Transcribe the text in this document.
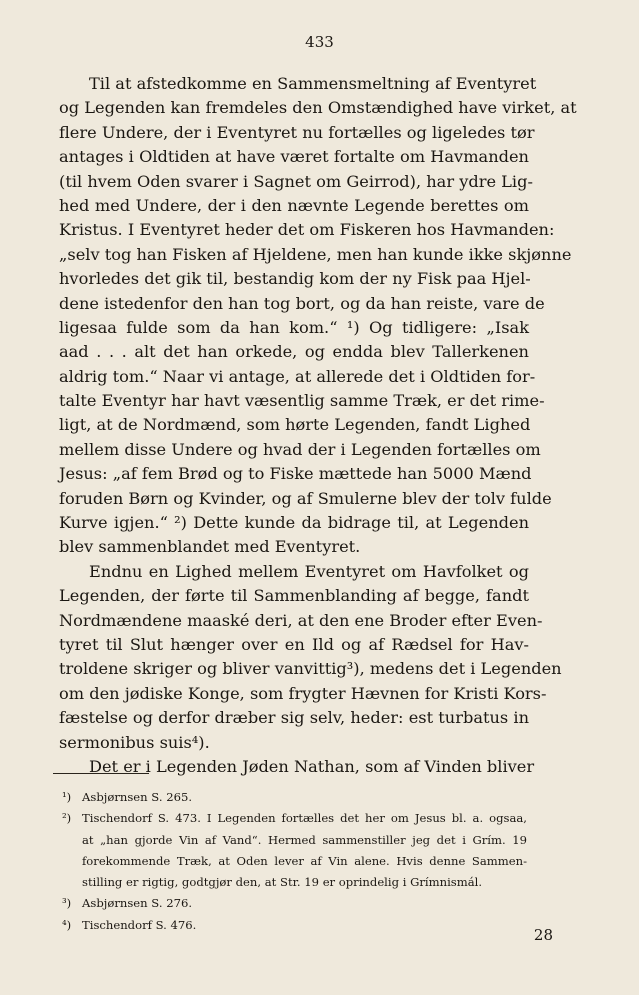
433
Til at afstedkomme en Sammensmeltning af Eventyret
og Legenden kan fremdeles den Omstændighed have virket, at
flere Undere, der i Eventyret nu fortælles og ligeledes tør
antages i Oldtiden at have været fortalte om Havmanden
(til hvem Oden svarer i Sagnet om Geirrod), har ydre Lig-
hed med Undere, der i den nævnte Legende berettes om
Kristus. I Eventyret heder det om Fiskeren hos Havmanden:
„selv tog han Fisken af Hjeldene, men han kunde ikke skjønne
hvorledes det gik til, bestandig kom der ny Fisk paa Hjel-
dene istedenfor den han tog bort, og da han reiste, vare de
ligesaa fulde som da han kom.“ ¹) Og tidligere: „Isak
aad . . . alt det han orkede, og endda blev Tallerkenen
aldrig tom.“ Naar vi antage, at allerede det i Oldtiden for-
talte Eventyr har havt væsentlig samme Træk, er det rime-
ligt, at de Nordmænd, som hørte Legenden, fandt Lighed
mellem disse Undere og hvad der i Legenden fortælles om
Jesus: „af fem Brød og to Fiske mættede han 5000 Mænd
foruden Børn og Kvinder, og af Smulerne blev der tolv fulde
Kurve igjen.“ ²) Dette kunde da bidrage til, at Legenden
blev sammenblandet med Eventyret.
Endnu en Lighed mellem Eventyret om Havfolket og
Legenden, der førte til Sammenblanding af begge, fandt
Nordmændene maaské deri, at den ene Broder efter Even-
tyret til Slut hænger over en Ild og af Rædsel for Hav-
troldene skriger og bliver vanvittig³), medens det i Legenden
om den jødiske Konge, som frygter Hævnen for Kristi Kors-
fæstelse og derfor dræber sig selv, heder: est turbatus in
sermonibus suis⁴).
Det er i Legenden Jøden Nathan, som af Vinden bliver
¹) Asbjørnsen S. 265.
²) Tischendorf S. 473. I Legenden fortælles det her om Jesus bl. a. ogsaa,
at „han gjorde Vin af Vand“. Hermed sammenstiller jeg det i Grím. 19
forekommende Træk, at Oden lever af Vin alene. Hvis denne Sammen-
stilling er rigtig, godtgjør den, at Str. 19 er oprindelig i Grímnismál.
³) Asbjørnsen S. 276.
⁴) Tischendorf S. 476.
28
